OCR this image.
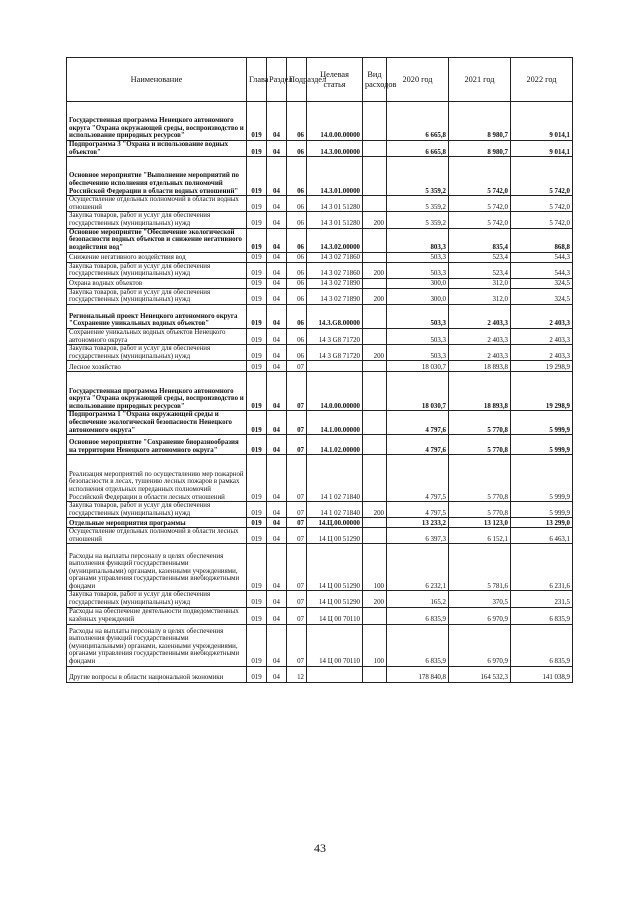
Наименование	Глава	Раздел	Подраздел	Целевая статья	Вид расходов	2020 год	2021 год	2022 год
Государственная программа Ненецкого автономного округа "Охрана окружающей среды, воспроизводство и использование природных ресурсов"	019	04	06	14.0.00.00000		6 665,8	8 980,7	9 014,1
Подпрограмма 3 "Охрана и использование водных объектов"	019	04	06	14.3.00.00000		6 665,8	8 980,7	9 014,1
Основное мероприятие "Выполнение мероприятий по обеспечению исполнения отдельных полномочий Российской Федерации в области водных отношений"	019	04	06	14.3.01.00000		5 359,2	5 742,0	5 742,0
Осуществление отдельных полномочий в области водных отношений	019	04	06	14 3 01 51280		5 359,2	5 742,0	5 742,0
Закупка товаров, работ и услуг для обеспечения государственных (муниципальных) нужд	019	04	06	14 3 01 51280	200	5 359,2	5 742,0	5 742,0
Основное мероприятие "Обеспечение экологической безопасности водных объектов и снижение негативного воздействия вод"	019	04	06	14.3.02.00000		803,3	835,4	868,8
Снижение негативного воздействия вод	019	04	06	14 3 02 71860		503,3	523,4	544,3
Закупка товаров, работ и услуг для обеспечения государственных (муниципальных) нужд	019	04	06	14 3 02 71860	200	503,3	523,4	544,3
Охрана водных объектов	019	04	06	14 3 02 71890		300,0	312,0	324,5
Закупка товаров, работ и услуг для обеспечения государственных (муниципальных) нужд	019	04	06	14 3 02 71890	200	300,0	312,0	324,5
Региональный проект Ненецкого автономного округа "Сохранение уникальных водных объектов"	019	04	06	14.3.G8.00000		503,3	2 403,3	2 403,3
Сохранение уникальных водных объектов Ненецкого автономного округа	019	04	06	14 3 G8 71720		503,3	2 403,3	2 403,3
Закупка товаров, работ и услуг для обеспечения государственных (муниципальных) нужд	019	04	06	14 3 G8 71720	200	503,3	2 403,3	2 403,3
Лесное хозяйство	019	04	07			18 030,7	18 893,8	19 298,9
Государственная программа Ненецкого автономного округа "Охрана окружающей среды, воспроизводство и использование природных ресурсов"	019	04	07	14.0.00.00000		18 030,7	18 893,8	19 298,9
Подпрограмма 1 "Охрана окружающей среды и обеспечение экологической безопасности Ненецкого автономного округа"	019	04	07	14.1.00.00000		4 797,6	5 770,8	5 999,9
Основное мероприятие "Сохранение биоразнообразия на территории Ненецкого автономного округа"	019	04	07	14.1.02.00000		4 797,6	5 770,8	5 999,9
Реализация мероприятий по осуществлению мер пожарной безопасности в лесах, тушению лесных пожаров в рамках исполнения отдельных переданных полномочий Российской Федерации в области лесных отношений	019	04	07	14 1 02 71840		4 797,5	5 770,8	5 999,9
Закупка товаров, работ и услуг для обеспечения государственных (муниципальных) нужд	019	04	07	14 1 02 71840	200	4 797,5	5 770,8	5 999,9
Отдельные мероприятия программы	019	04	07	14.Ц.00.00000		13 233,2	13 123,0	13 299,0
Осуществление отдельных полномочий в области лесных отношений	019	04	07	14 Ц 00 51290		6 397,3	6 152,1	6 463,1
Расходы на выплаты персоналу в целях обеспечения выполнения функций государственными (муниципальными) органами, казенными учреждениями, органами управления государственными внебюджетными фондами	019	04	07	14 Ц 00 51290	100	6 232,1	5 781,6	6 231,6
Закупка товаров, работ и услуг для обеспечения государственных (муниципальных) нужд	019	04	07	14 Ц 00 51290	200	165,2	370,5	231,5
Расходы на обеспечение деятельности подведомственных казённых учреждений	019	04	07	14 Ц 00 70110		6 835,9	6 970,9	6 835,9
Расходы на выплаты персоналу в целях обеспечения выполнения функций государственными (муниципальными) органами, казенными учреждениями, органами управления государственными внебюджетными фондами	019	04	07	14 Ц 00 70110	100	6 835,9	6 970,9	6 835,9
Другие вопросы в области национальной экономики	019	04	12			178 840,8	164 532,3	141 038,9
43
